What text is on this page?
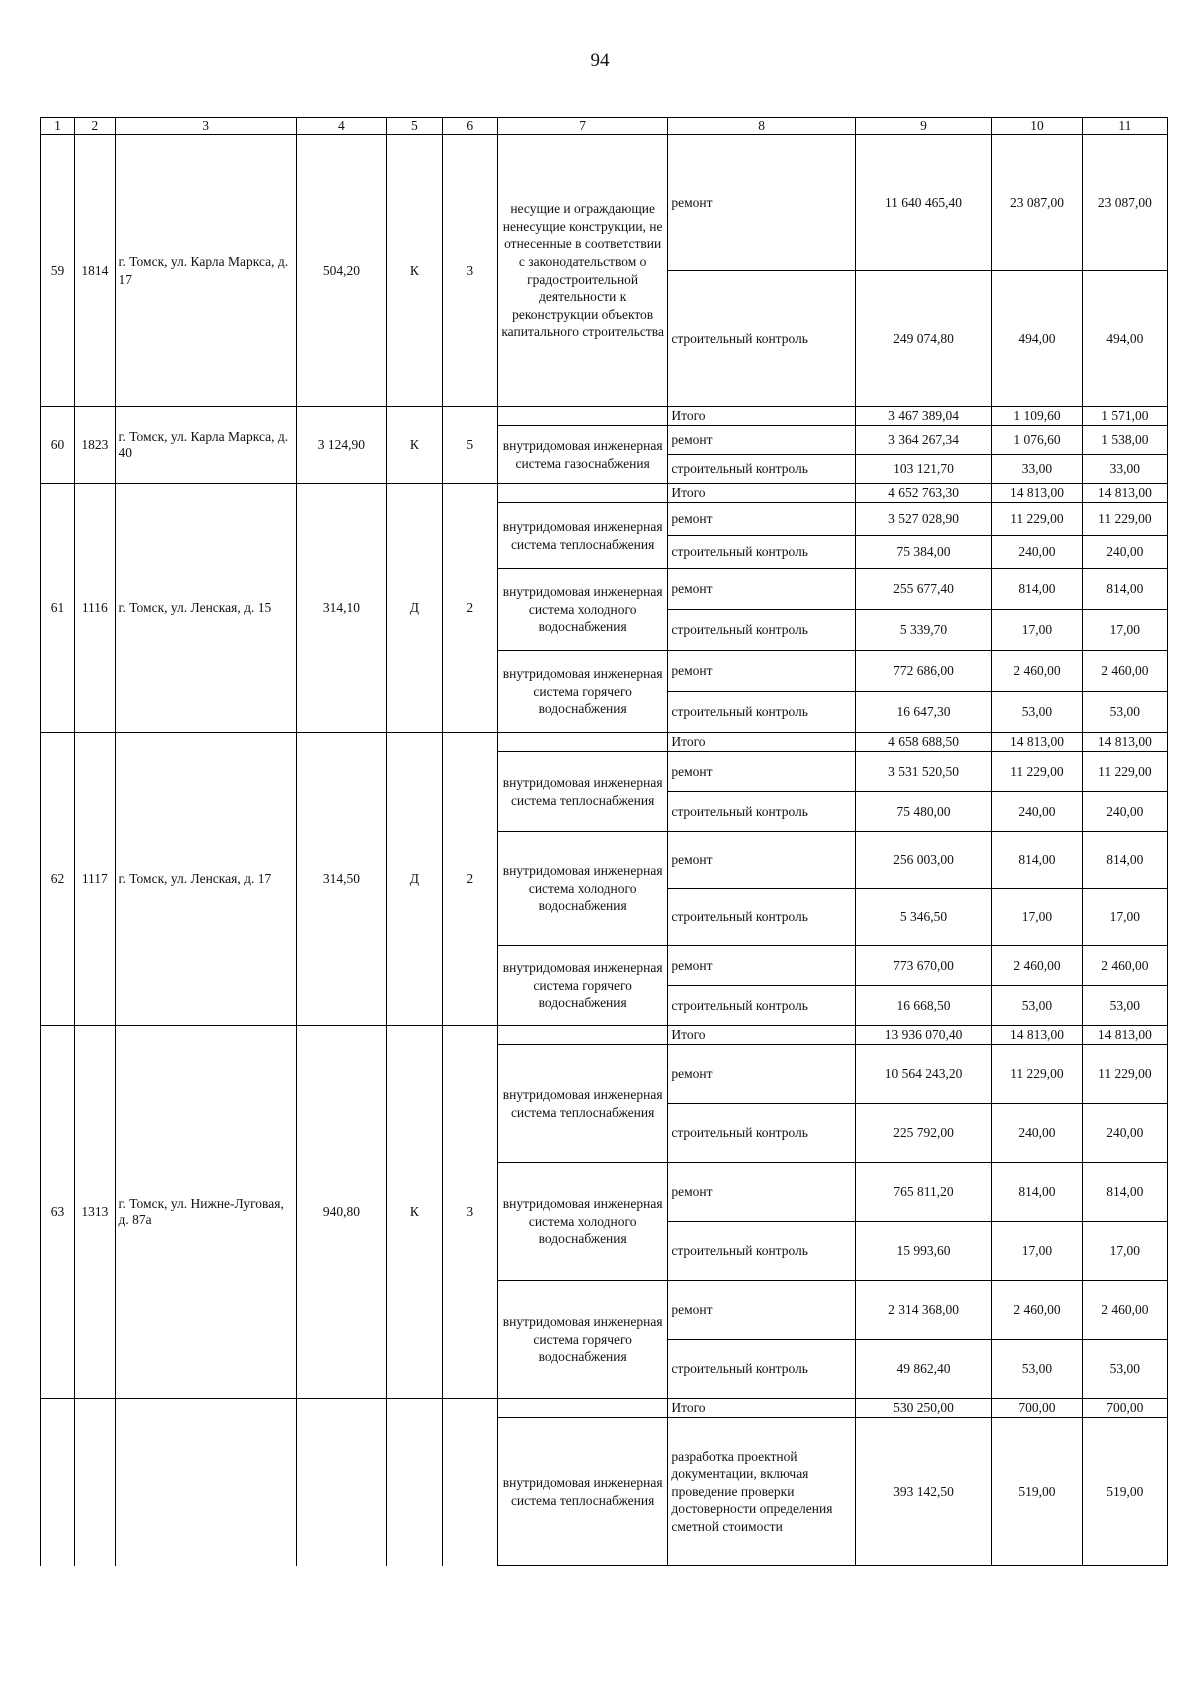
94
1	2	3	4	5	6	7	8	9	10	11
59	1814	г. Томск, ул. Карла Маркса, д. 17	504,20	К	3	несущие и ограждающие ненесущие конструкции, не отнесенные в соответствии с законодательством о градостроительной деятельности к реконструкции объектов капитального строительства	ремонт	11 640 465,40	23 087,00	23 087,00
							строительный контроль	249 074,80	494,00	494,00
60	1823	г. Томск, ул. Карла Маркса, д. 40	3 124,90	К	5		Итого	3 467 389,04	1 109,60	1 571,00
						внутридомовая инженерная система газоснабжения	ремонт	3 364 267,34	1 076,60	1 538,00
							строительный контроль	103 121,70	33,00	33,00
61	1116	г. Томск, ул. Ленская, д. 15	314,10	Д	2		Итого	4 652 763,30	14 813,00	14 813,00
						внутридомовая инженерная система теплоснабжения	ремонт	3 527 028,90	11 229,00	11 229,00
							строительный контроль	75 384,00	240,00	240,00
						внутридомовая инженерная система холодного водоснабжения	ремонт	255 677,40	814,00	814,00
							строительный контроль	5 339,70	17,00	17,00
						внутридомовая инженерная система горячего водоснабжения	ремонт	772 686,00	2 460,00	2 460,00
							строительный контроль	16 647,30	53,00	53,00
62	1117	г. Томск, ул. Ленская, д. 17	314,50	Д	2		Итого	4 658 688,50	14 813,00	14 813,00
						внутридомовая инженерная система теплоснабжения	ремонт	3 531 520,50	11 229,00	11 229,00
							строительный контроль	75 480,00	240,00	240,00
						внутридомовая инженерная система холодного водоснабжения	ремонт	256 003,00	814,00	814,00
							строительный контроль	5 346,50	17,00	17,00
						внутридомовая инженерная система горячего водоснабжения	ремонт	773 670,00	2 460,00	2 460,00
							строительный контроль	16 668,50	53,00	53,00
63	1313	г. Томск, ул. Нижне-Луговая, д. 87а	940,80	К	3		Итого	13 936 070,40	14 813,00	14 813,00
						внутридомовая инженерная система теплоснабжения	ремонт	10 564 243,20	11 229,00	11 229,00
							строительный контроль	225 792,00	240,00	240,00
						внутридомовая инженерная система холодного водоснабжения	ремонт	765 811,20	814,00	814,00
							строительный контроль	15 993,60	17,00	17,00
						внутридомовая инженерная система горячего водоснабжения	ремонт	2 314 368,00	2 460,00	2 460,00
							строительный контроль	49 862,40	53,00	53,00
							Итого	530 250,00	700,00	700,00
						внутридомовая инженерная система теплоснабжения	разработка проектной документации, включая проведение проверки достоверности определения сметной стоимости	393 142,50	519,00	519,00
